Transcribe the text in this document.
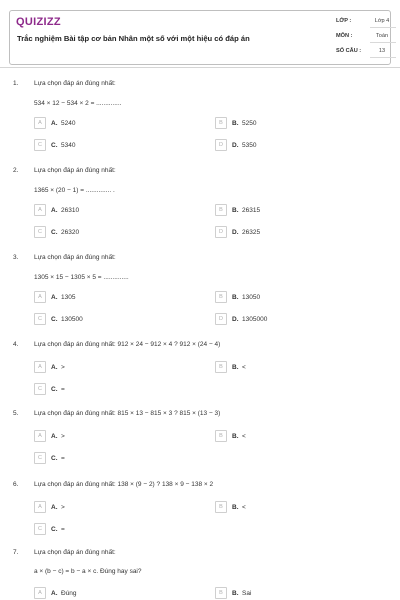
QUIZIZZ
Trắc nghiệm Bài tập cơ bản Nhân một số với một hiệu có đáp án
LỚP :	Lớp 4
MÔN :	Toán
SỐ CÂU :	13
1. Lựa chọn đáp án đúng nhất:
534 × 12 − 534 × 2 = ..............
A	A. 5240	B	B. 5250
C	C. 5340	D	D. 5350
2. Lựa chọn đáp án đúng nhất:
1365 × (20 − 1) = .............. .
A	A. 26310	B	B. 26315
C	C. 26320	D	D. 26325
3. Lựa chọn đáp án đúng nhất:
1305 × 15 − 1305 × 5 = ..............
A	A. 1305	B	B. 13050
C	C. 130500	D	D. 1305000
4. Lựa chọn đáp án đúng nhất: 912 × 24 − 912 × 4 ? 912 × (24 − 4)
A	A. >	B	B. <
C	C. =
5. Lựa chọn đáp án đúng nhất: 815 × 13 − 815 × 3 ? 815 × (13 − 3)
A	A. >	B	B. <
C	C. =
6. Lựa chọn đáp án đúng nhất: 138 × (9 − 2) ? 138 × 9 − 138 × 2
A	A. >	B	B. <
C	C. =
7. Lựa chọn đáp án đúng nhất:
a × (b − c) = b − a × c. Đúng hay sai?
A	A. Đúng	B	B. Sai
